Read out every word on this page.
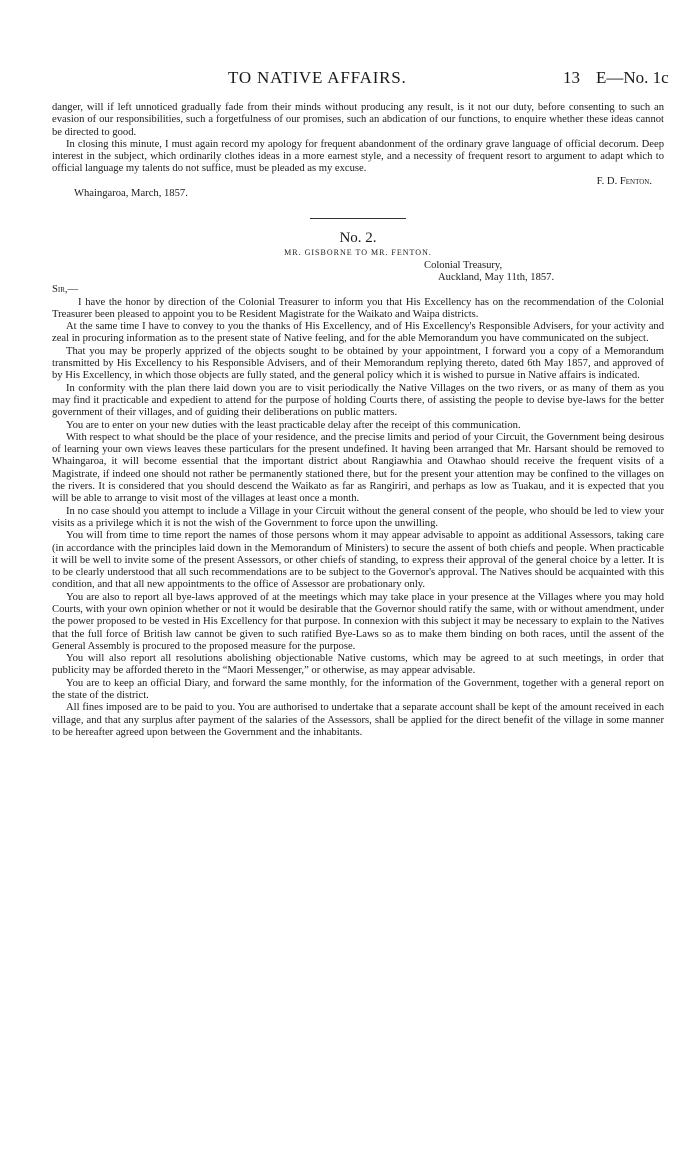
TO NATIVE AFFAIRS.	13 E—No. 1c

danger, will if left unnoticed gradually fade from their minds without producing any result, is it not our duty, before consenting to such an evasion of our responsibilities, such a forgetfulness of our promises, such an abdication of our functions, to enquire whether these ideas cannot be directed to good.

In closing this minute, I must again record my apology for frequent abandonment of the ordinary grave language of official decorum. Deep interest in the subject, which ordinarily clothes ideas in a more earnest style, and a necessity of frequent resort to argument to adapt which to official language my talents do not suffice, must be pleaded as my excuse.

F. D. Fenton.

Whaingaroa, March, 1857.

No. 2.

MR. GISBORNE TO MR. FENTON.

Colonial Treasury,

Auckland, May 11th, 1857.

Sir,—

I have the honor by direction of the Colonial Treasurer to inform you that His Excellency has on the recommendation of the Colonial Treasurer been pleased to appoint you to be Resident Magistrate for the Waikato and Waipa districts.

At the same time I have to convey to you the thanks of His Excellency, and of His Excellency's Responsible Advisers, for your activity and zeal in procuring information as to the present state of Native feeling, and for the able Memorandum you have communicated on the subject.

That you may be properly apprized of the objects sought to be obtained by your appointment, I forward you a copy of a Memorandum transmitted by His Excellency to his Responsible Advisers, and of their Memorandum replying thereto, dated 6th May 1857, and approved of by His Excellency, in which those objects are fully stated, and the general policy which it is wished to pursue in Native affairs is indicated.

In conformity with the plan there laid down you are to visit periodically the Native Villages on the two rivers, or as many of them as you may find it practicable and expedient to attend for the purpose of holding Courts there, of assisting the people to devise bye-laws for the better government of their villages, and of guiding their deliberations on public matters.

You are to enter on your new duties with the least practicable delay after the receipt of this communication.

With respect to what should be the place of your residence, and the precise limits and period of your Circuit, the Government being desirous of learning your own views leaves these particulars for the present undefined. It having been arranged that Mr. Harsant should be removed to Whaingaroa, it will become essential that the important district about Rangiawhia and Otawhao should receive the frequent visits of a Magistrate, if indeed one should not rather be permanently stationed there, but for the present your attention may be confined to the villages on the rivers. It is considered that you should descend the Waikato as far as Rangiriri, and perhaps as low as Tuakau, and it is expected that you will be able to arrange to visit most of the villages at least once a month.

In no case should you attempt to include a Village in your Circuit without the general consent of the people, who should be led to view your visits as a privilege which it is not the wish of the Government to force upon the unwilling.

You will from time to time report the names of those persons whom it may appear advisable to appoint as additional Assessors, taking care (in accordance with the principles laid down in the Memorandum of Ministers) to secure the assent of both chiefs and people. When practicable it will be well to invite some of the present Assessors, or other chiefs of standing, to express their approval of the general choice by a letter. It is to be clearly understood that all such recommendations are to be subject to the Governor's approval. The Natives should be acquainted with this condition, and that all new appointments to the office of Assessor are probationary only.

You are also to report all bye-laws approved of at the meetings which may take place in your presence at the Villages where you may hold Courts, with your own opinion whether or not it would be desirable that the Governor should ratify the same, with or without amendment, under the power proposed to be vested in His Excellency for that purpose. In connexion with this subject it may be necessary to explain to the Natives that the full force of British law cannot be given to such ratified Bye-Laws so as to make them binding on both races, until the assent of the General Assembly is procured to the proposed measure for the purpose.

You will also report all resolutions abolishing objectionable Native customs, which may be agreed to at such meetings, in order that publicity may be afforded thereto in the “Maori Messenger,” or otherwise, as may appear advisable.

You are to keep an official Diary, and forward the same monthly, for the information of the Government, together with a general report on the state of the district.

All fines imposed are to be paid to you. You are authorised to undertake that a separate account shall be kept of the amount received in each village, and that any surplus after payment of the salaries of the Assessors, shall be applied for the direct benefit of the village in some manner to be hereafter agreed upon between the Government and the inhabitants.
